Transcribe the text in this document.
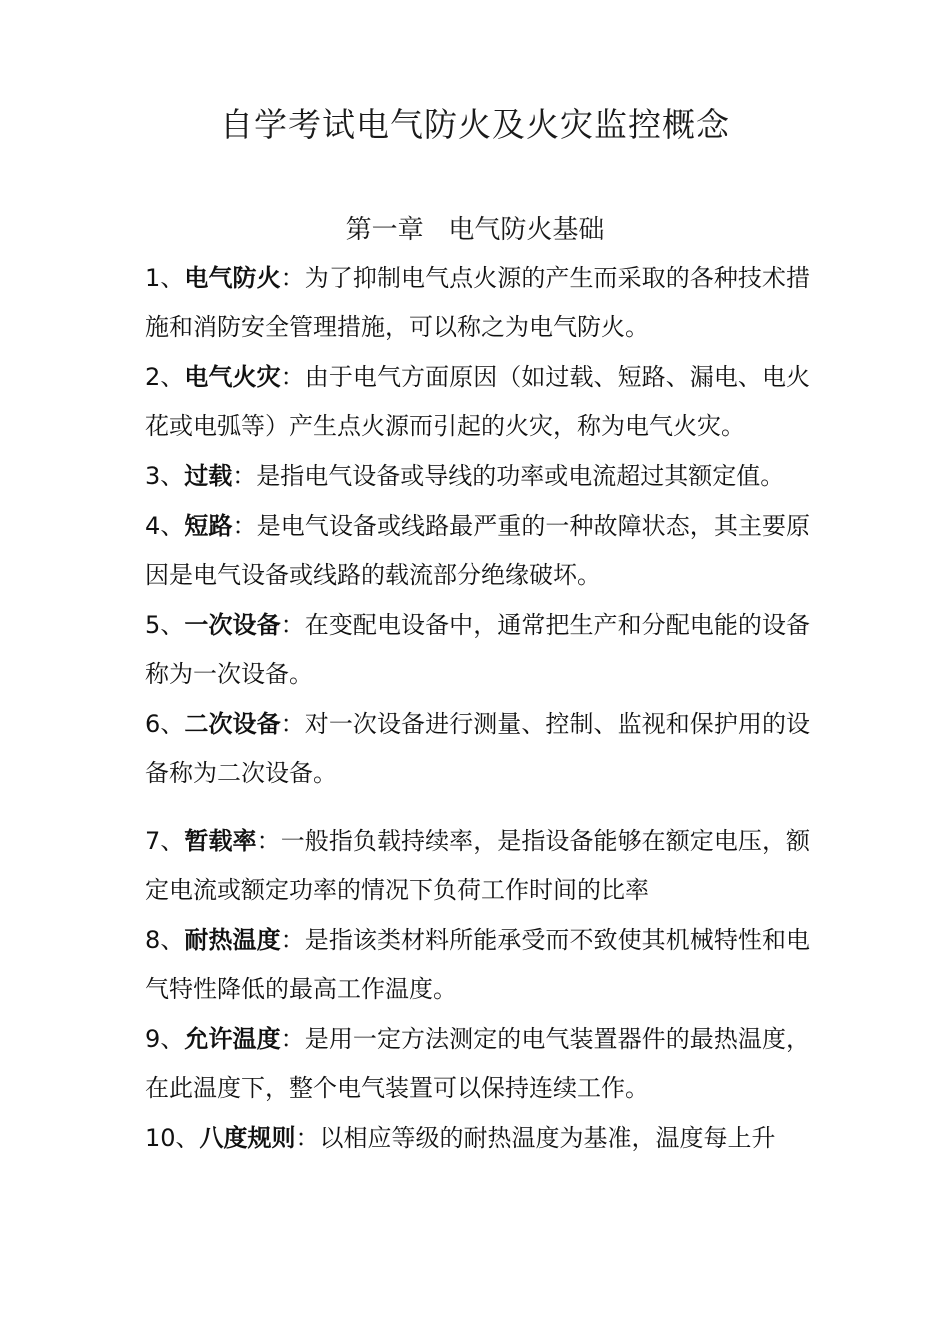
自学考试电气防火及火灾监控概念
第一章   电气防火基础
1、电气防火：为了抑制电气点火源的产生而采取的各种技术措施和消防安全管理措施，可以称之为电气防火。
2、电气火灾：由于电气方面原因（如过载、短路、漏电、电火花或电弧等）产生点火源而引起的火灾，称为电气火灾。
3、过载：是指电气设备或导线的功率或电流超过其额定值。
4、短路：是电气设备或线路最严重的一种故障状态，其主要原因是电气设备或线路的载流部分绝缘破坏。
5、一次设备：在变配电设备中，通常把生产和分配电能的设备称为一次设备。
6、二次设备：对一次设备进行测量、控制、监视和保护用的设备称为二次设备。
7、暂载率：一般指负载持续率，是指设备能够在额定电压，额定电流或额定功率的情况下负荷工作时间的比率
8、耐热温度：是指该类材料所能承受而不致使其机械特性和电气特性降低的最高工作温度。
9、允许温度：是用一定方法测定的电气装置器件的最热温度，在此温度下，整个电气装置可以保持连续工作。
10、八度规则：以相应等级的耐热温度为基准，温度每上升
